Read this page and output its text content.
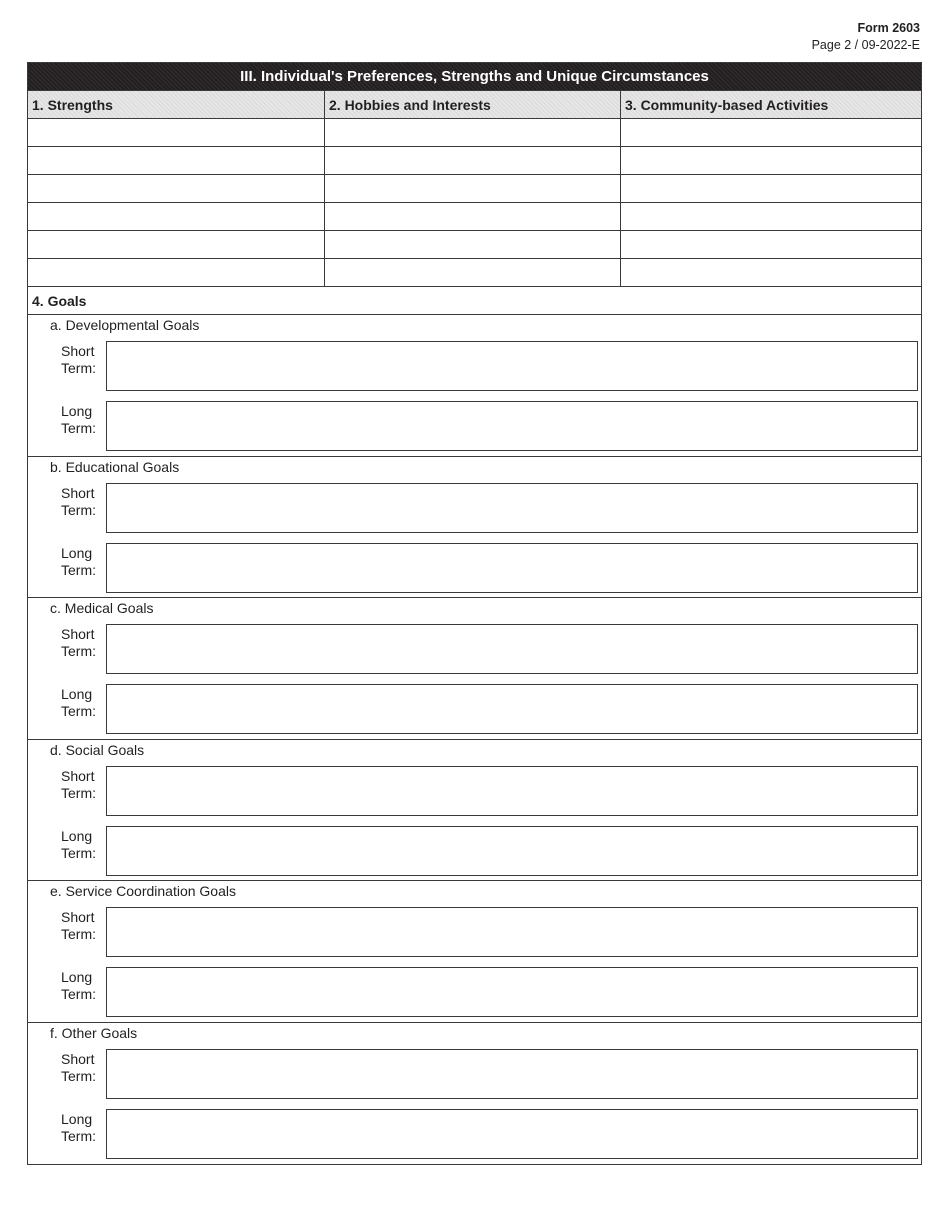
Form 2603
Page 2 / 09-2022-E
III. Individual's Preferences, Strengths and Unique Circumstances
1. Strengths	2. Hobbies and Interests	3. Community-based Activities
4. Goals
a. Developmental Goals
Short
Term:
Long
Term:
b. Educational Goals
Short
Term:
Long
Term:
c. Medical Goals
Short
Term:
Long
Term:
d. Social Goals
Short
Term:
Long
Term:
e. Service Coordination Goals
Short
Term:
Long
Term:
f. Other Goals
Short
Term:
Long
Term:
